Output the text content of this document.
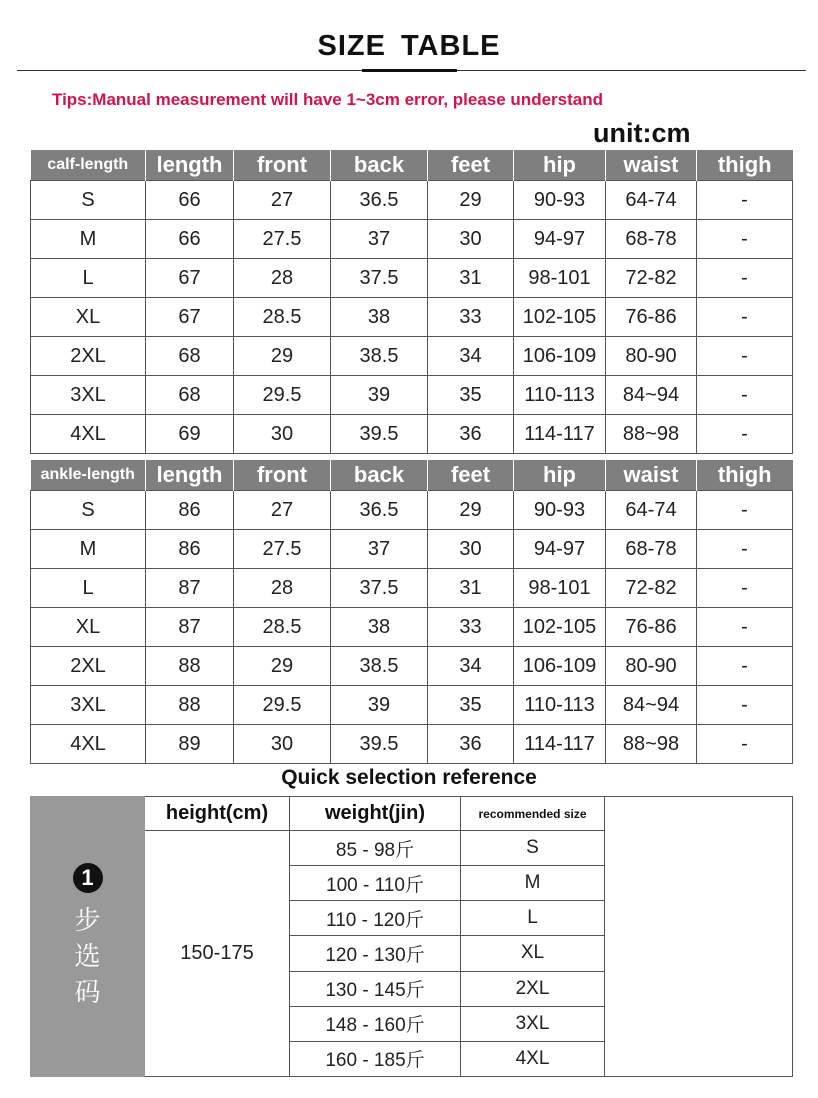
SIZE TABLE
Tips:Manual measurement will have 1~3cm error, please understand
unit:cm
calf-length	length	front	back	feet	hip	waist	thigh
S	66	27	36.5	29	90-93	64-74	-
M	66	27.5	37	30	94-97	68-78	-
L	67	28	37.5	31	98-101	72-82	-
XL	67	28.5	38	33	102-105	76-86	-
2XL	68	29	38.5	34	106-109	80-90	-
3XL	68	29.5	39	35	110-113	84~94	-
4XL	69	30	39.5	36	114-117	88~98	-
ankle-length	length	front	back	feet	hip	waist	thigh
S	86	27	36.5	29	90-93	64-74	-
M	86	27.5	37	30	94-97	68-78	-
L	87	28	37.5	31	98-101	72-82	-
XL	87	28.5	38	33	102-105	76-86	-
2XL	88	29	38.5	34	106-109	80-90	-
3XL	88	29.5	39	35	110-113	84~94	-
4XL	89	30	39.5	36	114-117	88~98	-
Quick selection reference
1
步
选
码	height(cm)	weight(jin)	recommended size	
	150-175	85 - 98斤	S	
		100 - 110斤	M	
		110 - 120斤	L	
		120 - 130斤	XL	
		130 - 145斤	2XL	
		148 - 160斤	3XL	
		160 - 185斤	4XL	
